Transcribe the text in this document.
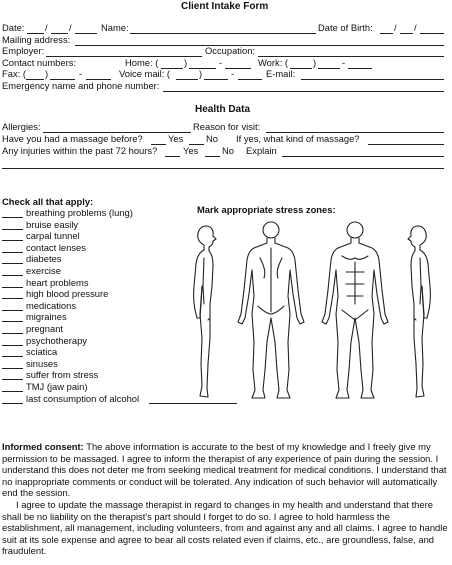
Client Intake Form
Date: / /	Name:	Date of Birth: / /
Mailing address:
Employer:	Occupation:
Contact numbers:	Home: (	)	-	Work: (	)	-
Fax: ( )	-	Voice mail: (	)	-	E-mail:
Emergency name and phone number:
Health Data
Allergies:	Reason for visit:
Have you had a massage before?	Yes No If yes, what kind of massage?
Any injuries within the past 72 hours?	Yes	No Explain
Check all that apply:
breathing problems (lung)
bruise easily
carpal tunnel
contact lenses
diabetes
exercise
heart problems
high blood pressure
medications
migraines
pregnant
psychotherapy
sciatica
sinuses
suffer from stress
TMJ (jaw pain)
last consumption of alcohol
Mark appropriate stress zones:
Informed consent: The above information is accurate to the best of my knowledge and I freely give my permission to be massaged. I agree to inform the therapist of any experience of pain during the session. I understand this does not deter me from seeking medical treatment for medical conditions. I understand that no inappropriate comments or conduct will be tolerated. Any indication of such behavior will automatically end the session.
I agree to update the massage therapist in regard to changes in my health and understand that there shall be no liability on the therapist's part should I forget to do so. I agree to hold harmless the establishment, all management, including volunteers, from and against any and all claims. I agree to handle suit at its sole expense and agree to bear all costs related even if claims, etc., are groundless, false, and fraudulent.
